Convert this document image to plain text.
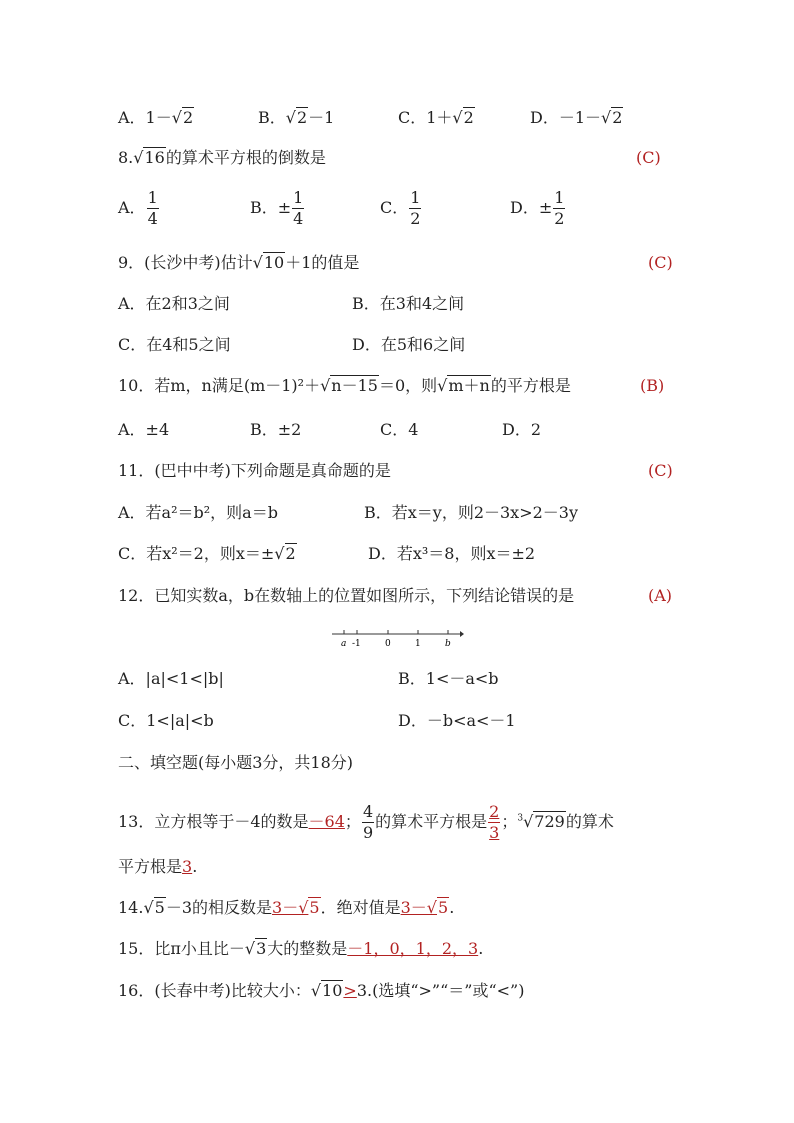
A．1－√2	B．√2－1	C．1＋√2	D．－1－√2
8.√16的算术平方根的倒数是	(C)
A． $\frac{1}{4}$	B．± $\frac{1}{4}$	C． $\frac{1}{2}$	D．± $\frac{1}{2}$
9．(长沙中考)估计√10＋1的值是	(C)
A．在2和3之间	B．在3和4之间
C．在4和5之间	D．在5和6之间
10．若m，n满足(m－1)²＋√n－15＝0，则√m＋n的平方根是	(B)
A．±4	B．±2	C．4	D．2
11．(巴中中考)下列命题是真命题的是	(C)
A．若a²＝b²，则a＝b	B．若x＝y，则2－3x>2－3y
C．若x²＝2，则x＝±√2	D．若x³＝8，则x＝±2
12．已知实数a，b在数轴上的位置如图所示，下列结论错误的是	(A)
a -1	0	1	b
A．|a|<1<|b|	B．1<－a<b
C．1<|a|<b	D．－b<a<－1
二、填空题(每小题3分，共18分)
13．立方根等于－4的数是－64； $\frac{4}{9}$ 的算术平方根是 $\frac{2}{3}$ ；$^3$√729的算术
平方根是3.
14.√5－3的相反数是3－√5．绝对值是3－√5.
15．比π小且比－√3大的整数是－1，0，1，2，3.
16．(长春中考)比较大小：√10>3.(选填“>”“＝”或“<”)
